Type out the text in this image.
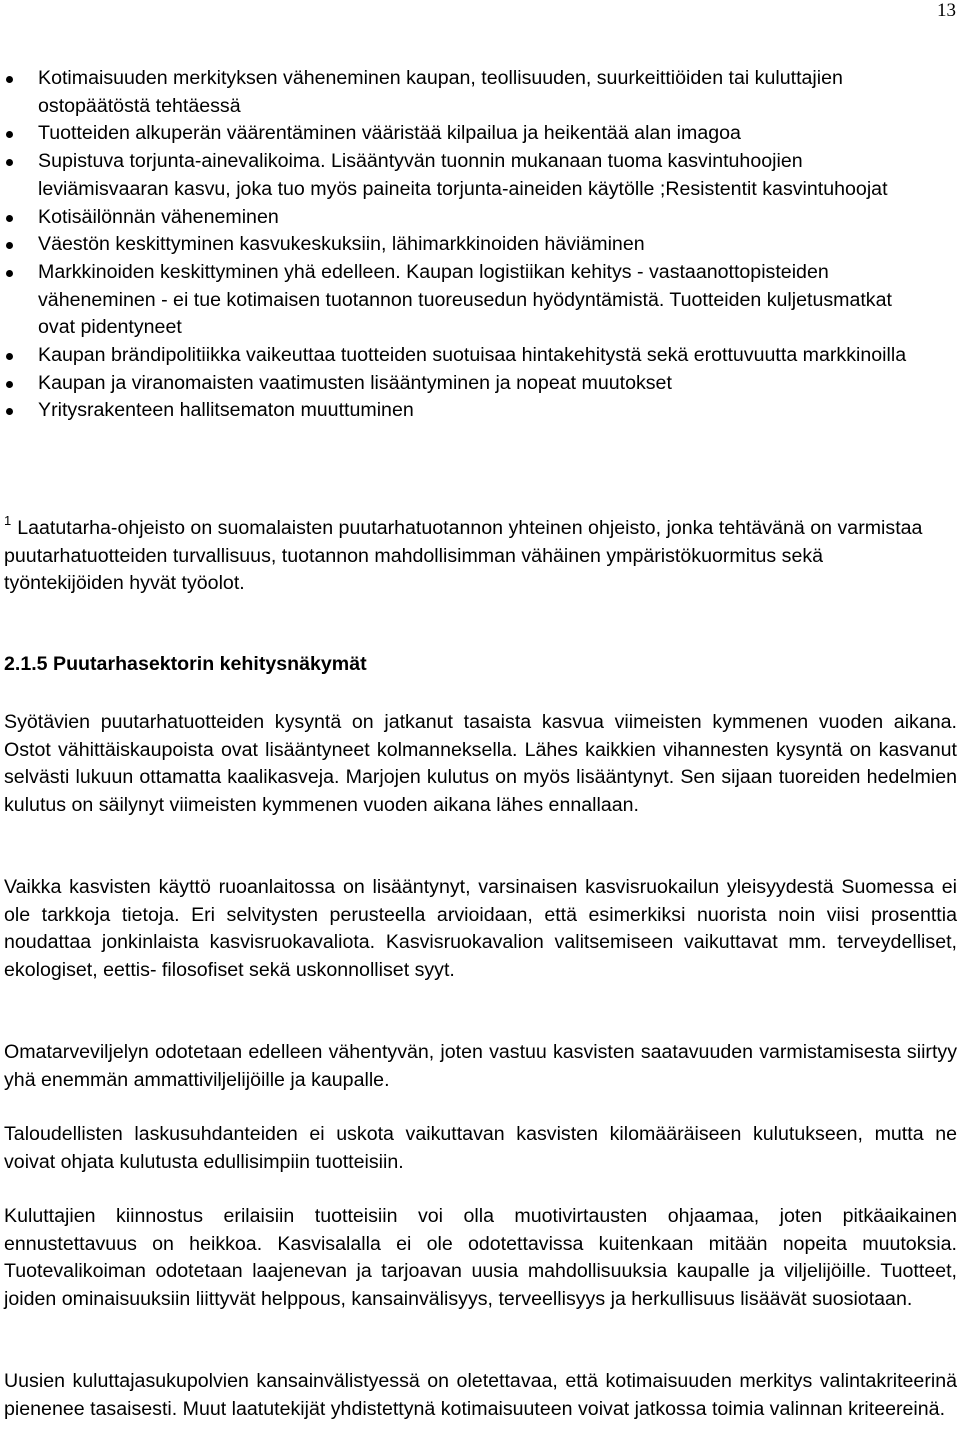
13
Kotimaisuuden merkityksen väheneminen kaupan, teollisuuden, suurkeittiöiden tai kuluttajien ostopäätöstä tehtäessä
Tuotteiden alkuperän väärentäminen vääristää kilpailua ja heikentää alan imagoa
Supistuva torjunta-ainevalikoima. Lisääntyvän tuonnin mukanaan tuoma kasvintuhoojien leviämisvaaran kasvu, joka tuo myös paineita torjunta-aineiden käytölle ;Resistentit kasvintuhoojat
Kotisäilönnän väheneminen
Väestön keskittyminen kasvukeskuksiin, lähimarkkinoiden häviäminen
Markkinoiden keskittyminen yhä edelleen. Kaupan logistiikan kehitys - vastaanottopisteiden väheneminen - ei tue kotimaisen tuotannon tuoreusedun hyödyntämistä. Tuotteiden kuljetusmatkat ovat pidentyneet
Kaupan brändipolitiikka vaikeuttaa tuotteiden suotuisaa hintakehitystä sekä erottuvuutta markkinoilla
Kaupan ja viranomaisten vaatimusten lisääntyminen ja nopeat muutokset
Yritysrakenteen hallitsematon muuttuminen
$^1$ Laatutarha-ohjeisto on suomalaisten puutarhatuotannon yhteinen ohjeisto, jonka tehtävänä on varmistaa puutarhatuotteiden turvallisuus, tuotannon mahdollisimman vähäinen ympäristökuormitus sekä työntekijöiden hyvät työolot.
2.1.5 Puutarhasektorin kehitysnäkymät

Syötävien puutarhatuotteiden kysyntä on jatkanut tasaista kasvua viimeisten kymmenen vuoden aikana. Ostot vähittäiskaupoista ovat lisääntyneet kolmanneksella. Lähes kaikkien vihannesten kysyntä on kasvanut selvästi lukuun ottamatta kaalikasveja. Marjojen kulutus on myös lisääntynyt. Sen sijaan tuoreiden hedelmien kulutus on säilynyt viimeisten kymmenen vuoden aikana lähes ennallaan.

Vaikka kasvisten käyttö ruoanlaitossa on lisääntynyt, varsinaisen kasvisruokailun yleisyydestä Suomessa ei ole tarkkoja tietoja. Eri selvitysten perusteella arvioidaan, että esimerkiksi nuorista noin viisi prosenttia noudattaa jonkinlaista kasvisruokavaliota. Kasvisruokavalion valitsemiseen vaikuttavat mm. terveydelliset, ekologiset, eettis- filosofiset sekä uskonnolliset syyt.

Omatarveviljelyn odotetaan edelleen vähentyvän, joten vastuu kasvisten saatavuuden varmistamisesta siirtyy yhä enemmän ammattiviljelijöille ja kaupalle.

Taloudellisten laskusuhdanteiden ei uskota vaikuttavan kasvisten kilomääräiseen kulutukseen, mutta ne voivat ohjata kulutusta edullisimpiin tuotteisiin.

Kuluttajien kiinnostus erilaisiin tuotteisiin voi olla muotivirtausten ohjaamaa, joten pitkäaikainen ennustettavuus on heikkoa. Kasvisalalla ei ole odotettavissa kuitenkaan mitään nopeita muutoksia. Tuotevalikoiman odotetaan laajenevan ja tarjoavan uusia mahdollisuuksia kaupalle ja viljelijöille. Tuotteet, joiden ominaisuuksiin liittyvät helppous, kansainvälisyys, terveellisyys ja herkullisuus lisäävät suosiotaan.

Uusien kuluttajasukupolvien kansainvälistyessä on oletettavaa, että kotimaisuuden merkitys valintakriteerinä pienenee tasaisesti. Muut laatutekijät yhdistettynä kotimaisuuteen voivat jatkossa toimia valinnan kriteereinä.
